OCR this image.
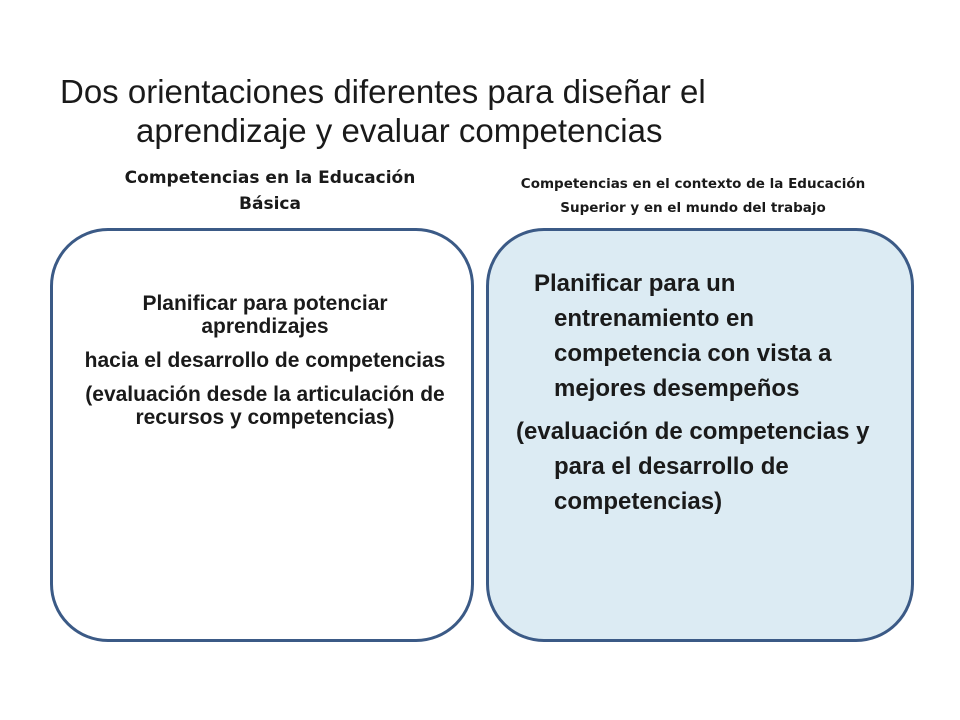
Dos orientaciones diferentes para diseñar el
aprendizaje y evaluar competencias
Competencias en la Educación
Básica
Competencias en el contexto de la Educación
Superior y en el mundo del trabajo
Planificar para potenciar aprendizajes
hacia el desarrollo de competencias
(evaluación desde la articulación de recursos y competencias)
Planificar para un
entrenamiento en competencia con vista a mejores desempeños
(evaluación de competencias y para el desarrollo de competencias)
